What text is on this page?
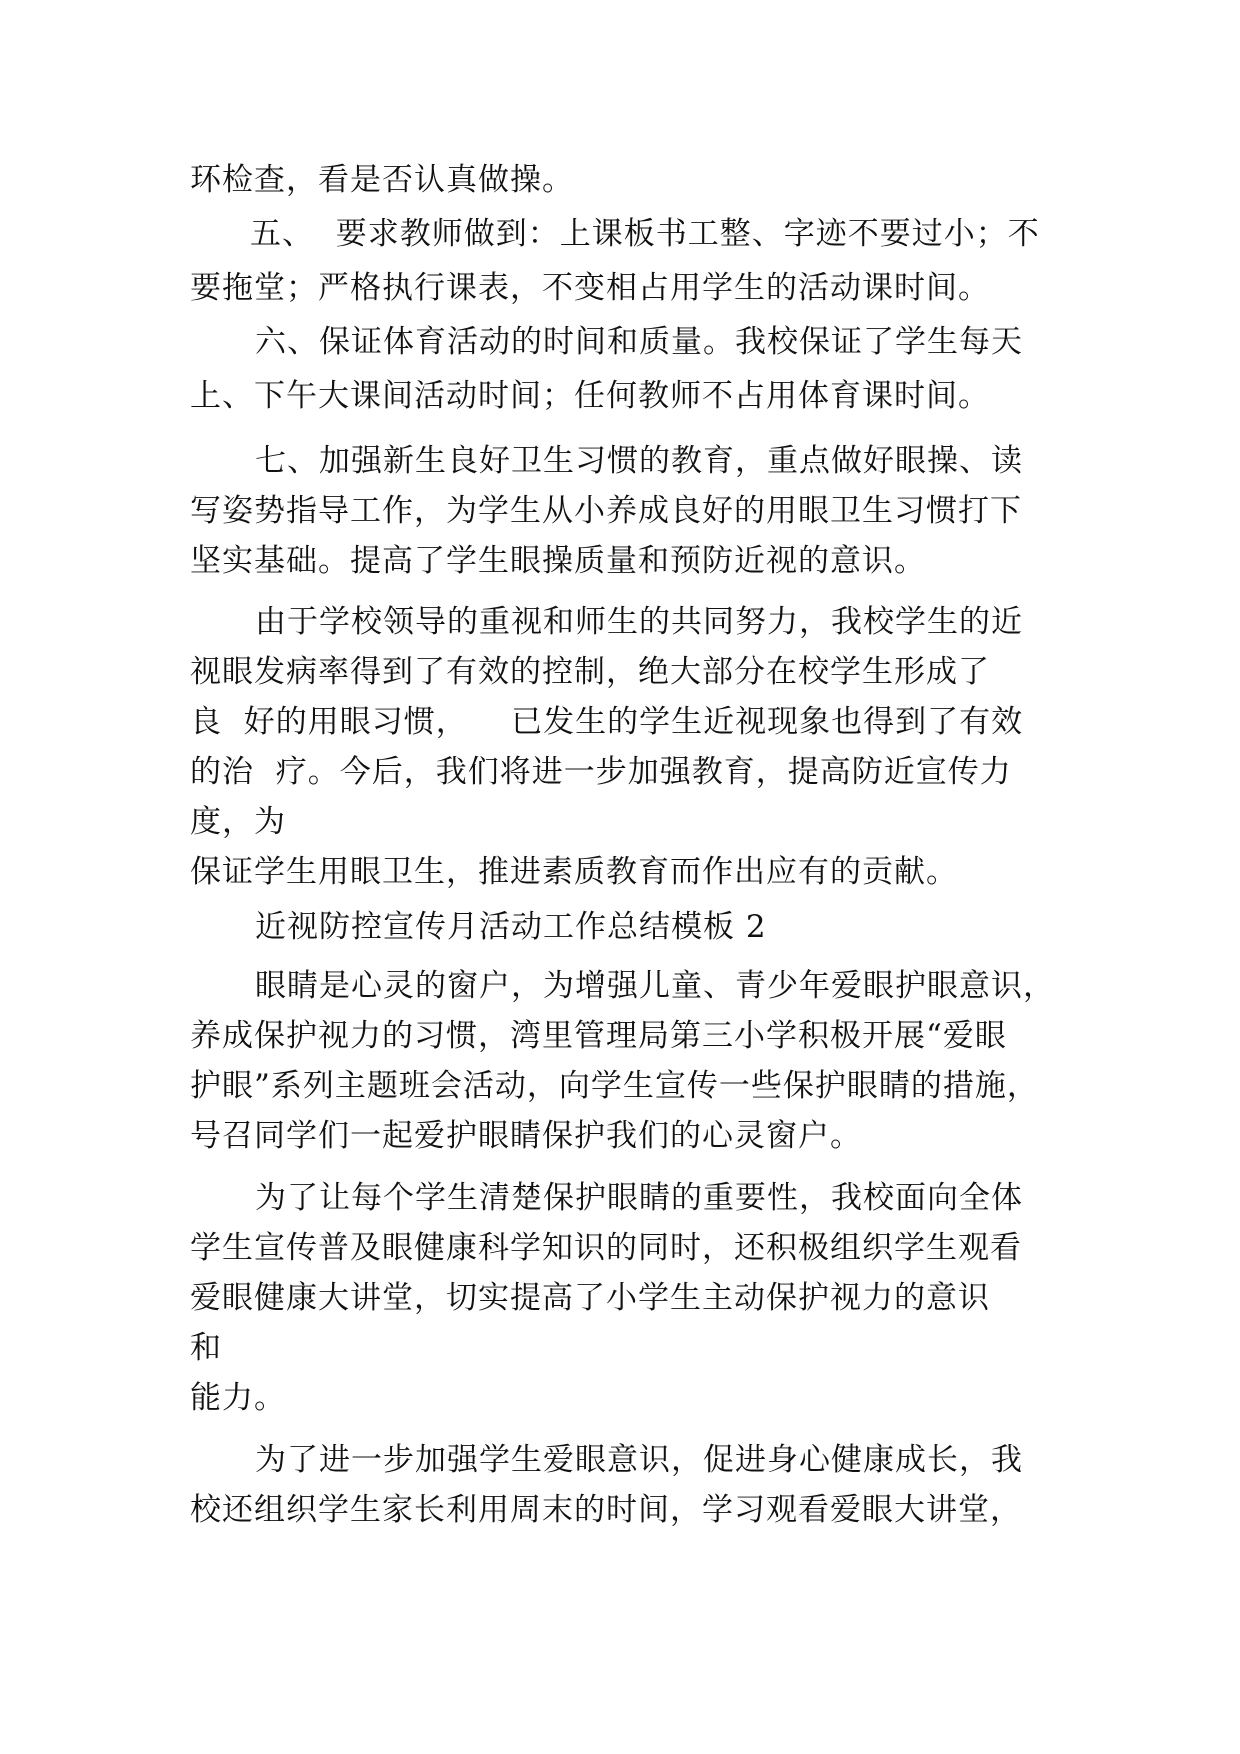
环检查，看是否认真做操。
五、  要求教师做到：上课板书工整、字迹不要过小；不
要拖堂；严格执行课表，不变相占用学生的活动课时间。
六、保证体育活动的时间和质量。我校保证了学生每天
上、下午大课间活动时间；任何教师不占用体育课时间。
七、加强新生良好卫生习惯的教育，重点做好眼操、读
写姿势指导工作，为学生从小养成良好的用眼卫生习惯打下
坚实基础。提高了学生眼操质量和预防近视的意识。
由于学校领导的重视和师生的共同努力，我校学生的近
视眼发病率得到了有效的控制，绝大部分在校学生形成了
良  好的用眼习惯，    已发生的学生近视现象也得到了有效
的治  疗。今后，我们将进一步加强教育，提高防近宣传力
度，为
保证学生用眼卫生，推进素质教育而作出应有的贡献。
近视防控宣传月活动工作总结模板 2
眼睛是心灵的窗户，为增强儿童、青少年爱眼护眼意识，
养成保护视力的习惯，湾里管理局第三小学积极开展“爱眼
护眼”系列主题班会活动，向学生宣传一些保护眼睛的措施，
号召同学们一起爱护眼睛保护我们的心灵窗户。
为了让每个学生清楚保护眼睛的重要性，我校面向全体
学生宣传普及眼健康科学知识的同时，还积极组织学生观看
爱眼健康大讲堂，切实提高了小学生主动保护视力的意识
和
能力。
为了进一步加强学生爱眼意识，促进身心健康成长，我
校还组织学生家长利用周末的时间，学习观看爱眼大讲堂，
